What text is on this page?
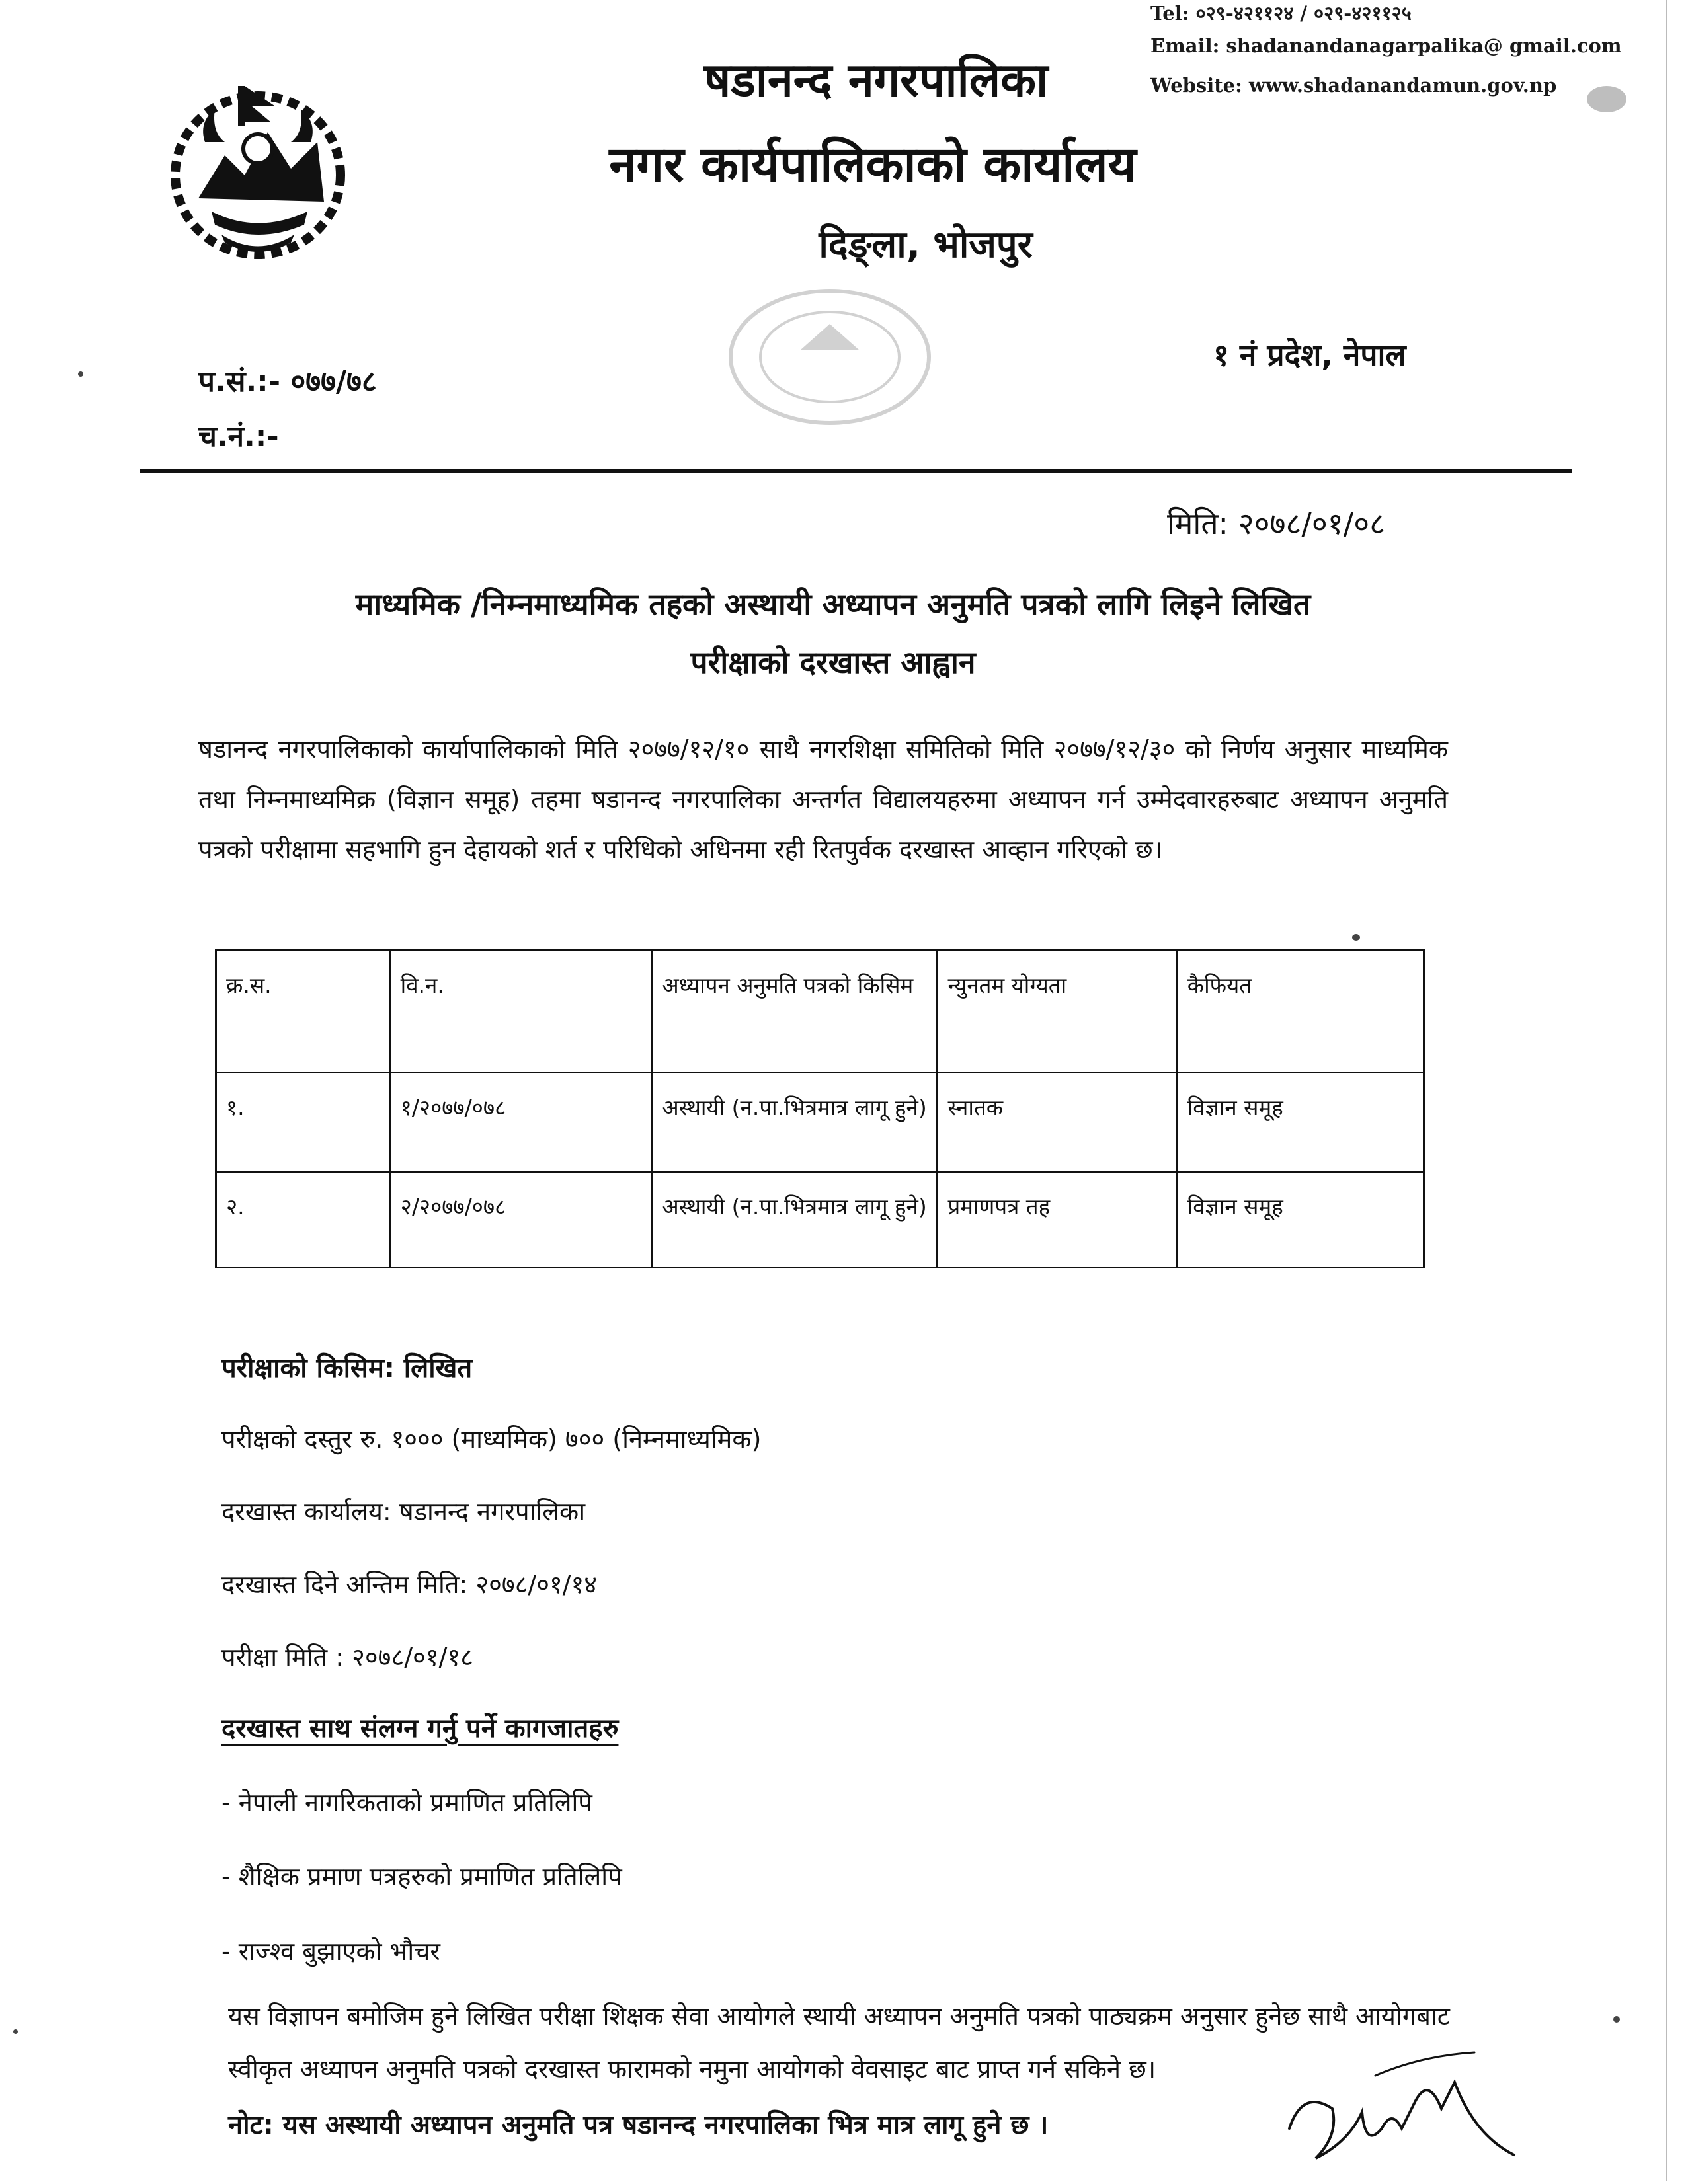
Tel: ०२९-४२११२४ / ०२९-४२११२५
Email: shadanandanagarpalika@ gmail.com
Website: www.shadanandamun.gov.np
षडानन्द नगरपालिका
नगर कार्यपालिकाको कार्यालय
दिङ्ला, भोजपुर
१ नं प्रदेश, नेपाल
प.सं.:- ०७७/७८
च.नं.:-
मिति: २०७८/०१/०८
माध्यमिक /निम्नमाध्यमिक तहको अस्थायी अध्यापन अनुमति पत्रको लागि लिइने लिखित
परीक्षाको दरखास्त आह्वान
षडानन्द नगरपालिकाको कार्यापालिकाको मिति २०७७/१२/१० साथै नगरशिक्षा समितिको मिति २०७७/१२/३० को निर्णय अनुसार माध्यमिक तथा निम्नमाध्यमिक्र (विज्ञान समूह) तहमा षडानन्द नगरपालिका अन्तर्गत विद्यालयहरुमा अध्यापन गर्न उम्मेदवारहरुबाट अध्यापन अनुमति पत्रको परीक्षामा सहभागि हुन देहायको शर्त र परिधिको अधिनमा रही रितपुर्वक दरखास्त आव्हान गरिएको छ।
क्र.स.	वि.न.	अध्यापन अनुमति पत्रको किसिम	न्युनतम योग्यता	कैफियत
१.	१/२०७७/०७८	अस्थायी (न.पा.भित्रमात्र लागू हुने)	स्नातक	विज्ञान समूह
२.	२/२०७७/०७८	अस्थायी (न.पा.भित्रमात्र लागू हुने)	प्रमाणपत्र तह	विज्ञान समूह
परीक्षाको किसिम: लिखित
परीक्षको दस्तुर रु. १००० (माध्यमिक) ७०० (निम्नमाध्यमिक)
दरखास्त कार्यालय: षडानन्द नगरपालिका
दरखास्त दिने अन्तिम मिति: २०७८/०१/१४
परीक्षा मिति : २०७८/०१/१८
दरखास्त साथ संलग्न गर्नु पर्ने कागजातहरु
- नेपाली नागरिकताको प्रमाणित प्रतिलिपि
- शैक्षिक प्रमाण पत्रहरुको प्रमाणित प्रतिलिपि
- राज्श्व बुझाएको भौचर
यस विज्ञापन बमोजिम हुने लिखित परीक्षा शिक्षक सेवा आयोगले स्थायी अध्यापन अनुमति पत्रको पाठ्यक्रम अनुसार हुनेछ साथै आयोगबाट स्वीकृत अध्यापन अनुमति पत्रको दरखास्त फारामको नमुना आयोगको वेवसाइट बाट प्राप्त गर्न सकिने छ।
नोट: यस अस्थायी अध्यापन अनुमति पत्र षडानन्द नगरपालिका भित्र मात्र लागू हुने छ ।
